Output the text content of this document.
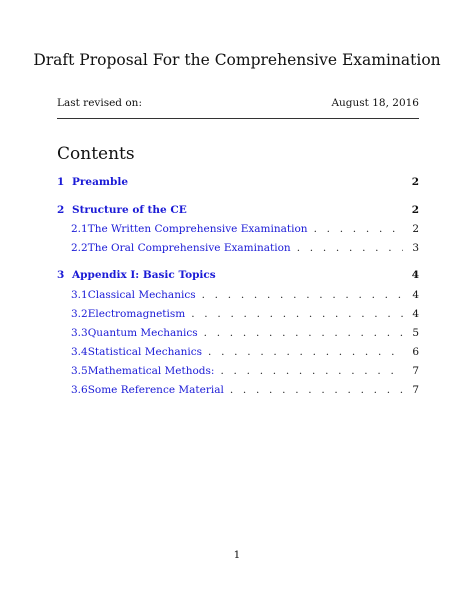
Draft Proposal For the Comprehensive Examination
Last revised on:	August 18, 2016
Contents
1 Preamble	2
2 Structure of the CE	2
2.1 The Written Comprehensive Examination . . .	2
2.2 The Oral Comprehensive Examination . . .	3
3 Appendix I: Basic Topics	4
3.1 Classical Mechanics . . .	4
3.2 Electromagnetism . . .	4
3.3 Quantum Mechanics . . .	5
3.4 Statistical Mechanics . . .	6
3.5 Mathematical Methods: . . .	7
3.6 Some Reference Material . . .	7
1
